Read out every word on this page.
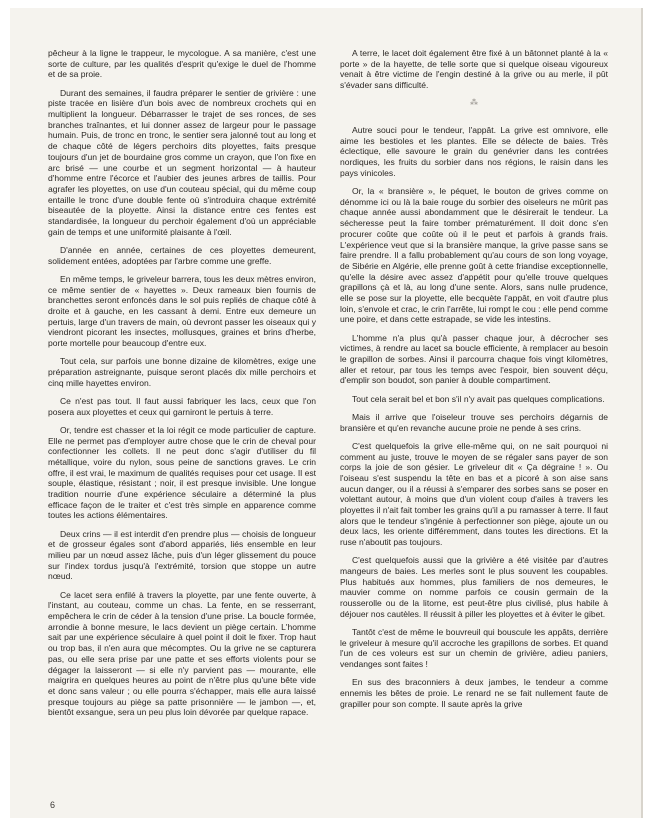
pêcheur à la ligne le trappeur, le mycologue. A sa manière, c'est une sorte de culture, par les qualités d'esprit qu'exige le duel de l'homme et de sa proie.

Durant des semaines, il faudra préparer le sentier de grivière : une piste tracée en lisière d'un bois avec de nombreux crochets qui en multiplient la longueur. Débarrasser le trajet de ses ronces, de ses branches traînantes, et lui donner assez de largeur pour le passage humain. Puis, de tronc en tronc, le sentier sera jalonné tout au long et de chaque côté de légers perchoirs dits ployettes, faits presque toujours d'un jet de bourdaine gros comme un crayon, que l'on fixe en arc brisé — une courbe et un segment horizontal — à hauteur d'homme entre l'écorce et l'aubier des jeunes arbres de taillis. Pour agrafer les ployettes, on use d'un couteau spécial, qui du même coup entaille le tronc d'une double fente où s'introduira chaque extrémité biseautée de la ployette. Ainsi la distance entre ces fentes est standardisée, la longueur du perchoir également d'où un appréciable gain de temps et une uniformité plaisante à l'œil.

D'année en année, certaines de ces ployettes demeurent, solidement entées, adoptées par l'arbre comme une greffe.

En même temps, le griveleur barrera, tous les deux mètres environ, ce même sentier de « hayettes ». Deux rameaux bien fournis de branchettes seront enfoncés dans le sol puis repliés de chaque côté à droite et à gauche, en les cassant à demi. Entre eux demeure un pertuis, large d'un travers de main, où devront passer les oiseaux qui y viendront picorant les insectes, mollusques, graines et brins d'herbe, porte mortelle pour beaucoup d'entre eux.

Tout cela, sur parfois une bonne dizaine de kilomètres, exige une préparation astreignante, puisque seront placés dix mille perchoirs et cinq mille hayettes environ.

Ce n'est pas tout. Il faut aussi fabriquer les lacs, ceux que l'on posera aux ployettes et ceux qui garniront le pertuis à terre.

Or, tendre est chasser et la loi régit ce mode particulier de capture. Elle ne permet pas d'employer autre chose que le crin de cheval pour confectionner les collets. Il ne peut donc s'agir d'utiliser du fil métallique, voire du nylon, sous peine de sanctions graves. Le crin offre, il est vrai, le maximum de qualités requises pour cet usage. Il est souple, élastique, résistant ; noir, il est presque invisible. Une longue tradition nourrie d'une expérience séculaire a déterminé la plus efficace façon de le traiter et c'est très simple en apparence comme toutes les actions élémentaires.

Deux crins — il est interdit d'en prendre plus — choisis de longueur et de grosseur égales sont d'abord appariés, liés ensemble en leur milieu par un nœud assez lâche, puis d'un léger glissement du pouce sur l'index tordus jusqu'à l'extrémité, torsion que stoppe un autre nœud.

Ce lacet sera enfilé à travers la ployette, par une fente ouverte, à l'instant, au couteau, comme un chas. La fente, en se resserrant, empêchera le crin de céder à la tension d'une prise. La boucle formée, arrondie à bonne mesure, le lacs devient un piège certain. L'homme sait par une expérience séculaire à quel point il doit le fixer. Trop haut ou trop bas, il n'en aura que mécomptes. Ou la grive ne se capturera pas, ou elle sera prise par une patte et ses efforts violents pour se dégager la laisseront — si elle n'y parvient pas — mourante, elle maigrira en quelques heures au point de n'être plus qu'une bête vide et donc sans valeur ; ou elle pourra s'échapper, mais elle aura laissé presque toujours au piège sa patte prisonnière — le jambon —, et, bientôt exsangue, sera un peu plus loin dévorée par quelque rapace.

A terre, le lacet doit également être fixé à un bâtonnet planté à la « porte » de la hayette, de telle sorte que si quelque oiseau vigoureux venait à être victime de l'engin destiné à la grive ou au merle, il pût s'évader sans difficulté.

⁂

Autre souci pour le tendeur, l'appât. La grive est omnivore, elle aime les bestioles et les plantes. Elle se délecte de baies. Très éclectique, elle savoure le grain du genévrier dans les contrées nordiques, les fruits du sorbier dans nos régions, le raisin dans les pays vinicoles.

Or, la « bransière », le péquet, le bouton de grives comme on dénomme ici ou là la baie rouge du sorbier des oiseleurs ne mûrit pas chaque année aussi abondamment que le désirerait le tendeur. La sécheresse peut la faire tomber prématurément. Il doit donc s'en procurer coûte que coûte où il le peut et parfois à grands frais. L'expérience veut que si la bransière manque, la grive passe sans se faire prendre. Il a fallu probablement qu'au cours de son long voyage, de Sibérie en Algérie, elle prenne goût à cette friandise exceptionnelle, qu'elle la désire avec assez d'appétit pour qu'elle trouve quelques grapillons çà et là, au long d'une sente. Alors, sans nulle prudence, elle se pose sur la ployette, elle becquète l'appât, en voit d'autre plus loin, s'envole et crac, le crin l'arrête, lui rompt le cou : elle pend comme une poire, et dans cette estrapade, se vide les intestins.

L'homme n'a plus qu'à passer chaque jour, à décrocher ses victimes, à rendre au lacet sa boucle efficiente, à remplacer au besoin le grapillon de sorbes. Ainsi il parcourra chaque fois vingt kilomètres, aller et retour, par tous les temps avec l'espoir, bien souvent déçu, d'emplir son boudot, son panier à double compartiment.

Tout cela serait bel et bon s'il n'y avait pas quelques complications.

Mais il arrive que l'oiseleur trouve ses perchoirs dégarnis de bransière et qu'en revanche aucune proie ne pende à ses crins.

C'est quelquefois la grive elle-même qui, on ne sait pourquoi ni comment au juste, trouve le moyen de se régaler sans payer de son corps la joie de son gésier. Le griveleur dit « Ça dégraine ! ». Ou l'oiseau s'est suspendu la tête en bas et a picoré à son aise sans aucun danger, ou il a réussi à s'emparer des sorbes sans se poser en volettant autour, à moins que d'un violent coup d'ailes à travers les ployettes il n'ait fait tomber les grains qu'il a pu ramasser à terre. Il faut alors que le tendeur s'ingénie à perfectionner son piège, ajoute un ou deux lacs, les oriente différemment, dans toutes les directions. Et la ruse n'aboutit pas toujours.

C'est quelquefois aussi que la grivière a été visitée par d'autres mangeurs de baies. Les merles sont le plus souvent les coupables. Plus habitués aux hommes, plus familiers de nos demeures, le mauvier comme on nomme parfois ce cousin germain de la rousserolle ou de la litorne, est peut-être plus civilisé, plus habile à déjouer nos cautèles. Il réussit à piller les ployettes et à éviter le gibet.

Tantôt c'est de même le bouvreuil qui bouscule les appâts, derrière le griveleur à mesure qu'il accroche les grapillons de sorbes. Et quand l'un de ces voleurs est sur un chemin de grivière, adieu paniers, vendanges sont faites !

En sus des braconniers à deux jambes, le tendeur a comme ennemis les bêtes de proie. Le renard ne se fait nullement faute de grapiller pour son compte. Il saute après la grive

6
